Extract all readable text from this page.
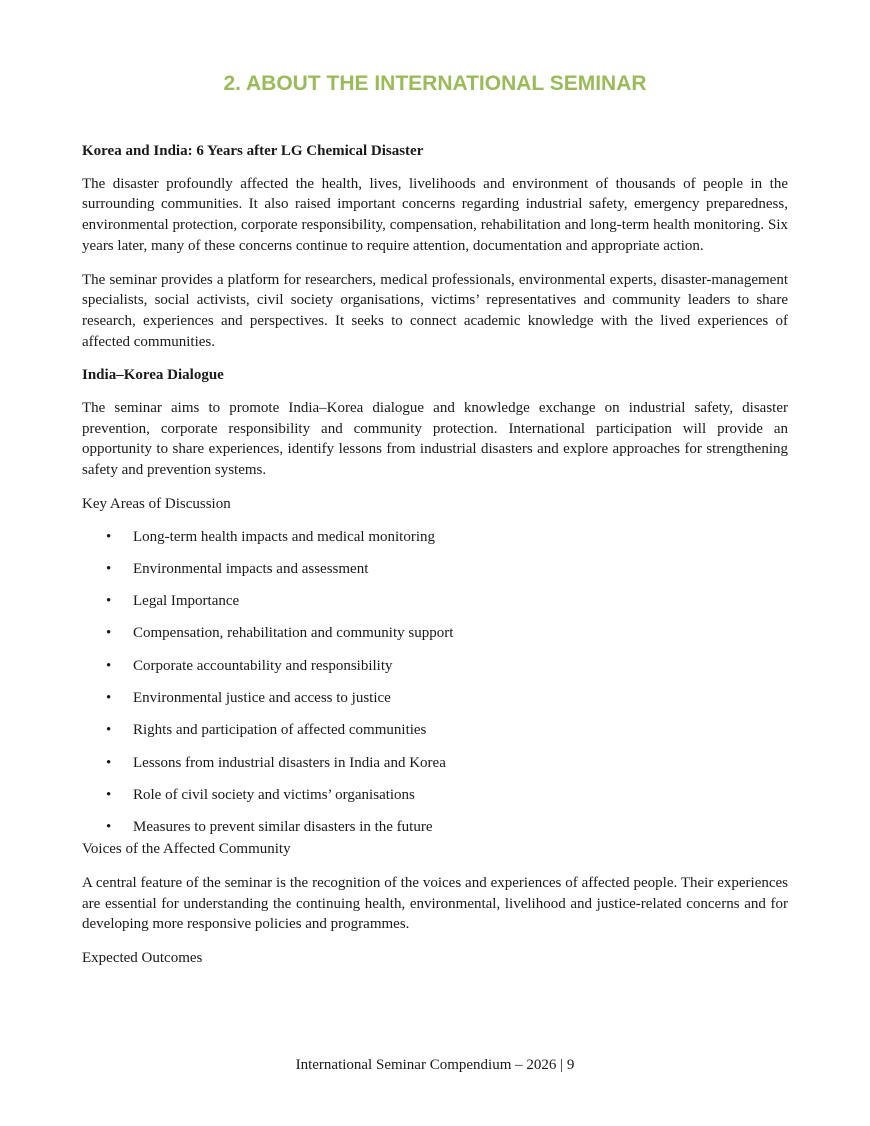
2. ABOUT THE INTERNATIONAL SEMINAR
Korea and India: 6 Years after LG Chemical Disaster

The disaster profoundly affected the health, lives, livelihoods and environment of thousands of people in the surrounding communities. It also raised important concerns regarding industrial safety, emergency preparedness, environmental protection, corporate responsibility, compensation, rehabilitation and long-term health monitoring. Six years later, many of these concerns continue to require attention, documentation and appropriate action.

The seminar provides a platform for researchers, medical professionals, environmental experts, disaster-management specialists, social activists, civil society organisations, victims’ representatives and community leaders to share research, experiences and perspectives. It seeks to connect academic knowledge with the lived experiences of affected communities.

India–Korea Dialogue

The seminar aims to promote India–Korea dialogue and knowledge exchange on industrial safety, disaster prevention, corporate responsibility and community protection. International participation will provide an opportunity to share experiences, identify lessons from industrial disasters and explore approaches for strengthening safety and prevention systems.

Key Areas of Discussion
• Long-term health impacts and medical monitoring
• Environmental impacts and assessment
• Legal Importance
• Compensation, rehabilitation and community support
• Corporate accountability and responsibility
• Environmental justice and access to justice
• Rights and participation of affected communities
• Lessons from industrial disasters in India and Korea
• Role of civil society and victims’ organisations
• Measures to prevent similar disasters in the future
Voices of the Affected Community

A central feature of the seminar is the recognition of the voices and experiences of affected people. Their experiences are essential for understanding the continuing health, environmental, livelihood and justice-related concerns and for developing more responsive policies and programmes.

Expected Outcomes
International Seminar Compendium – 2026 | 9
